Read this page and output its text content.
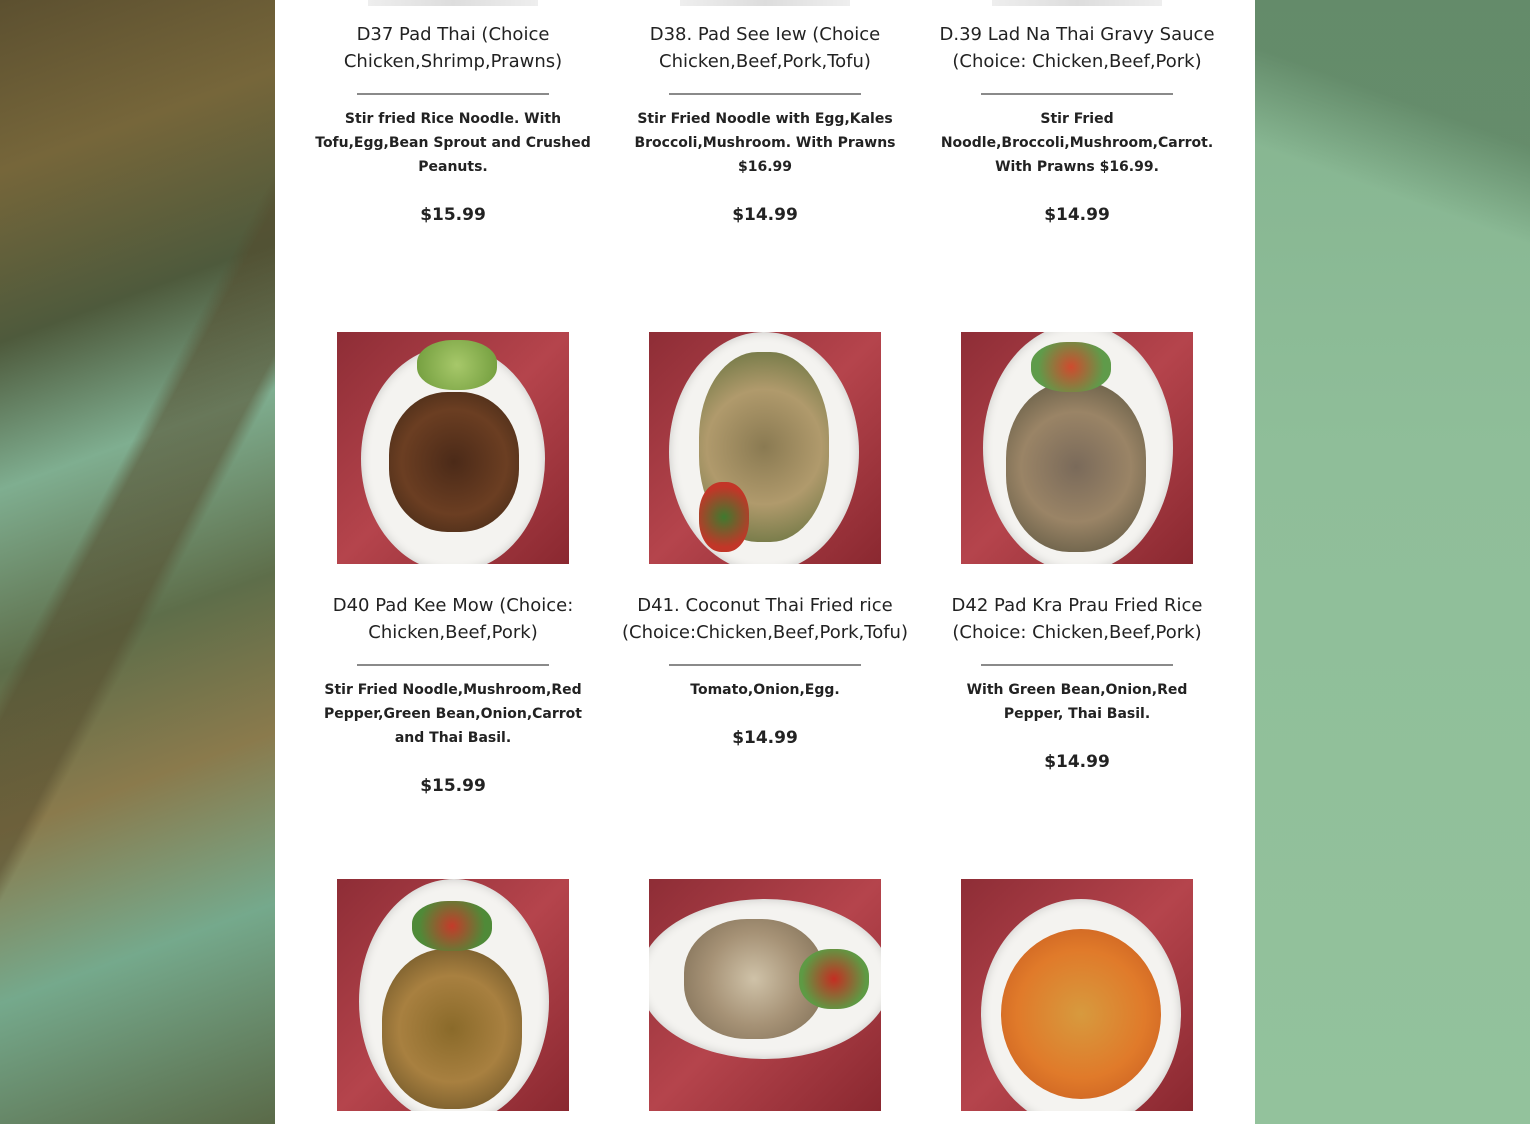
D37 Pad Thai (Choice Chicken,Shrimp,Prawns)

Stir fried Rice Noodle. With Tofu,Egg,Bean Sprout and Crushed Peanuts.

$15.99

D38. Pad See Iew (Choice Chicken,Beef,Pork,Tofu)

Stir Fried Noodle with Egg,Kales Broccoli,Mushroom. With Prawns $16.99

$14.99

D.39 Lad Na Thai Gravy Sauce (Choice: Chicken,Beef,Pork)

Stir Fried Noodle,Broccoli,Mushroom,Carrot. With Prawns $16.99.

$14.99

D40 Pad Kee Mow (Choice: Chicken,Beef,Pork)

Stir Fried Noodle,Mushroom,Red Pepper,Green Bean,Onion,Carrot and Thai Basil.

$15.99

D41. Coconut Thai Fried rice (Choice:Chicken,Beef,Pork,Tofu)

Tomato,Onion,Egg.

$14.99

D42 Pad Kra Prau Fried Rice (Choice: Chicken,Beef,Pork)

With Green Bean,Onion,Red Pepper, Thai Basil.

$14.99
